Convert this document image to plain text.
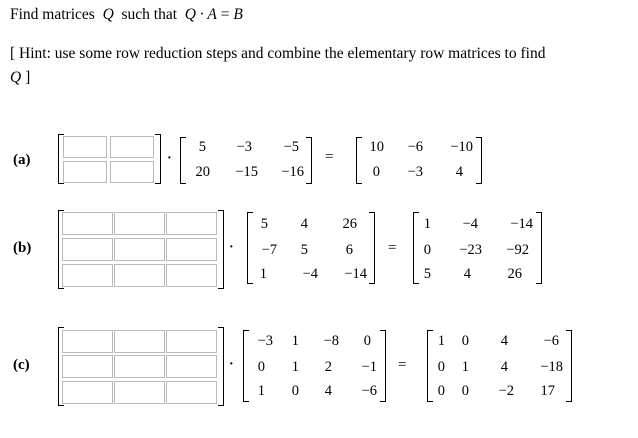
Find matrices Q such that Q · A = B
[ Hint: use some row reduction steps and combine the elementary row matrices to find
Q ]
(a)	·
5	−3	−5
20	−15	−16
=
10	−6	−10
0	−3	4
(b)	·
5	4	26
−7	5	6
1	−4	−14
=
1	−4	−14
0	−23	−92
5	4	26
(c)	·
−3	1	−8	0
0	1	2	−1
1	0	4	−6
=
1	0	4	−6
0	1	4	−18
0	0	−2	17
